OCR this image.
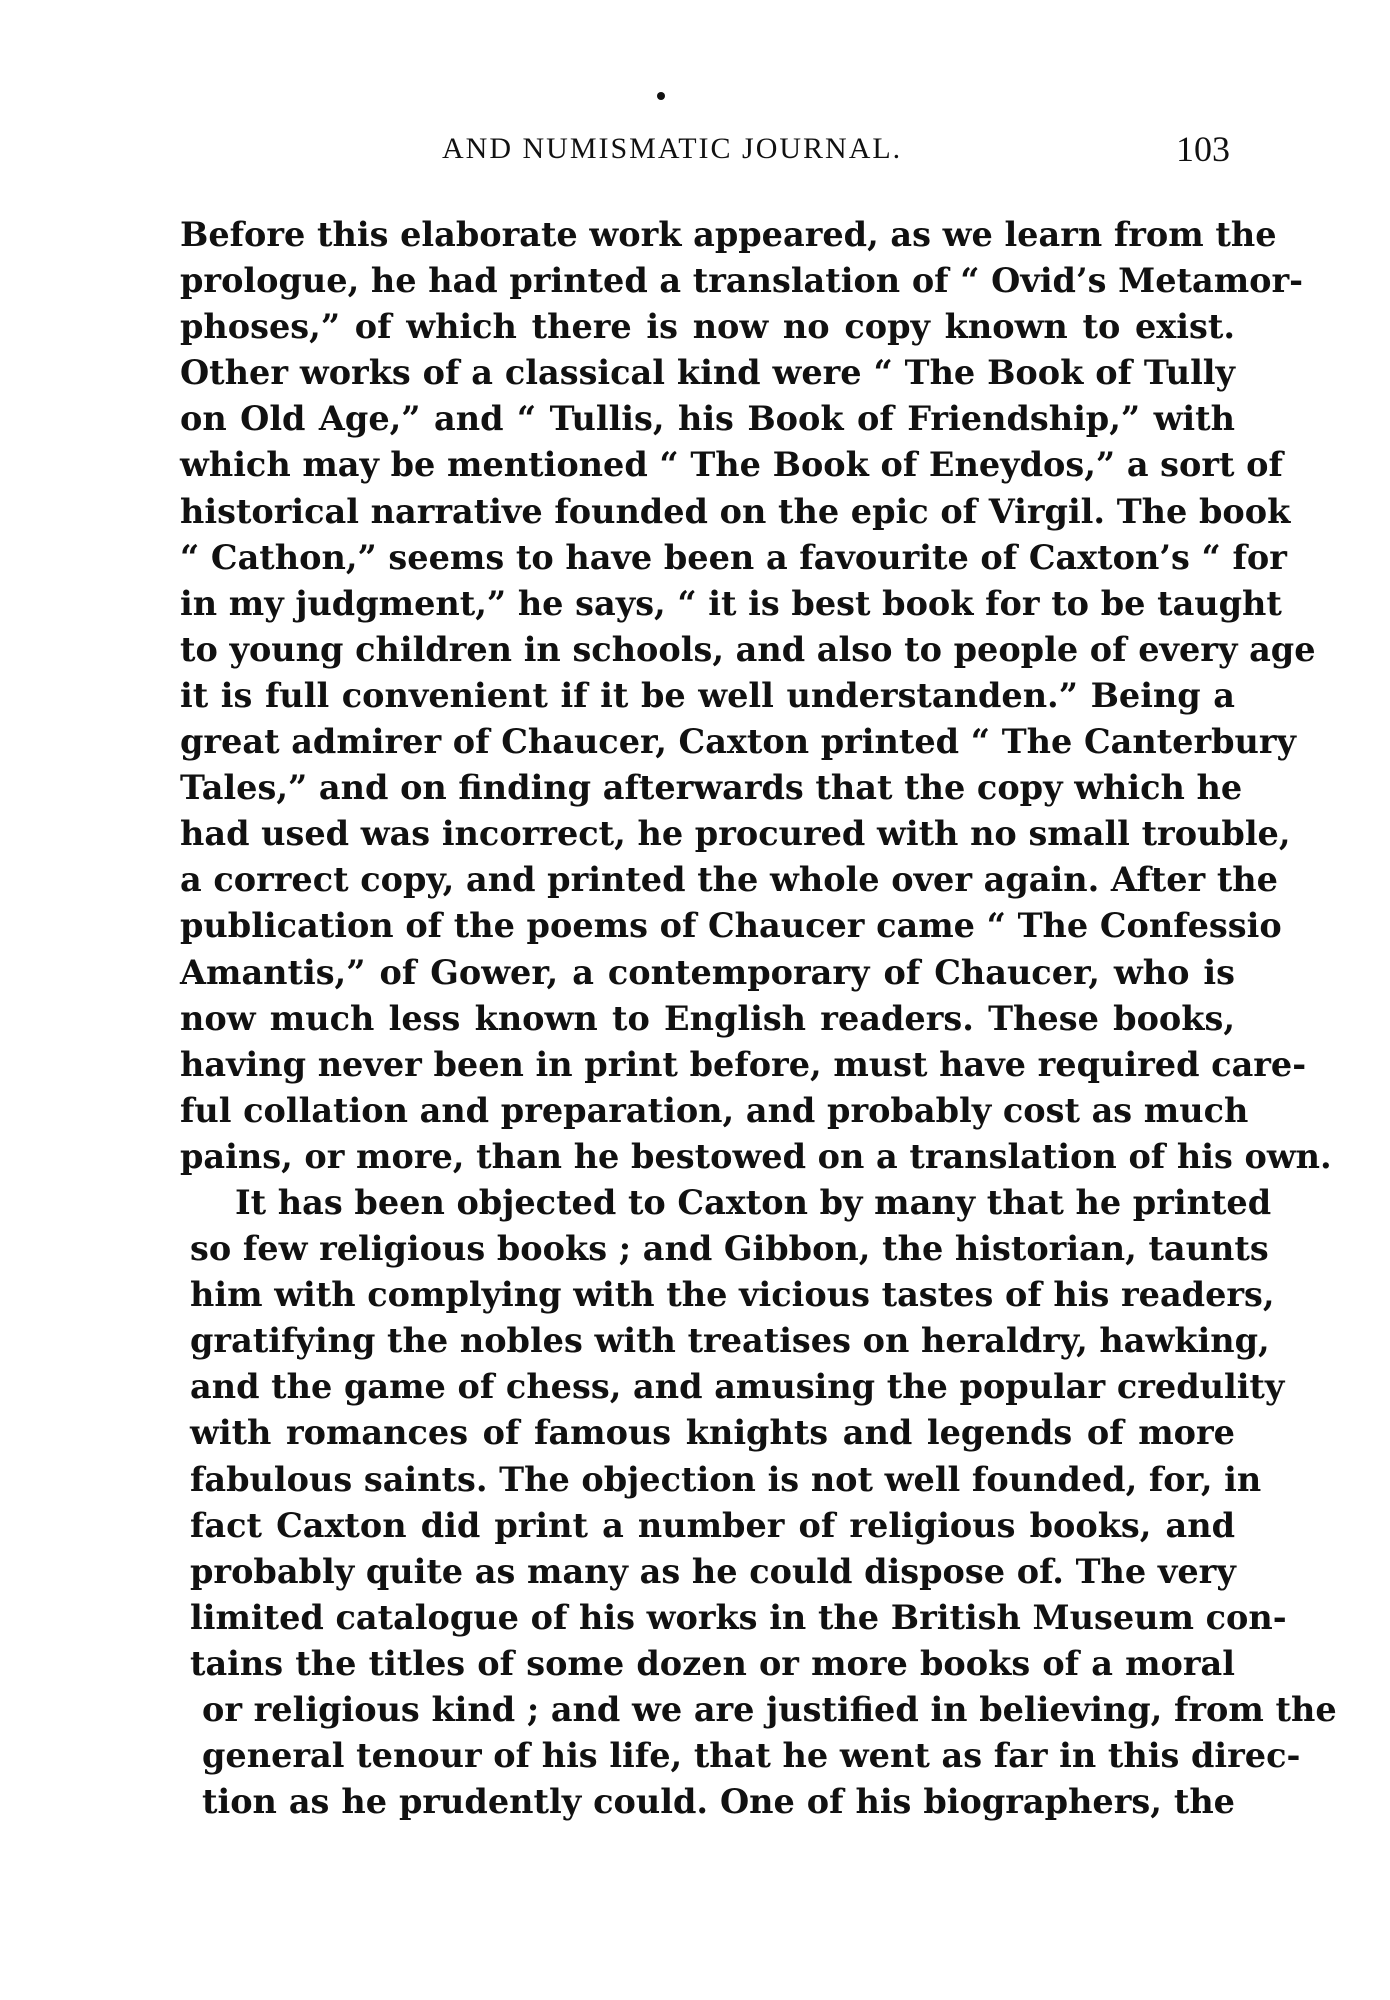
AND NUMISMATIC JOURNAL.	103
Before this elaborate work appeared, as we learn from the
prologue, he had printed a translation of “ Ovid’s Metamor-
phoses,” of which there is now no copy known to exist.
Other works of a classical kind were “ The Book of Tully
on Old Age,” and “ Tullis, his Book of Friendship,” with
which may be mentioned “ The Book of Eneydos,” a sort of
historical narrative founded on the epic of Virgil. The book
“ Cathon,” seems to have been a favourite of Caxton’s “ for
in my judgment,” he says, “ it is best book for to be taught
to young children in schools, and also to people of every age
it is full convenient if it be well understanden.” Being a
great admirer of Chaucer, Caxton printed “ The Canterbury
Tales,” and on finding afterwards that the copy which he
had used was incorrect, he procured with no small trouble,
a correct copy, and printed the whole over again. After the
publication of the poems of Chaucer came “ The Confessio
Amantis,” of Gower, a contemporary of Chaucer, who is
now much less known to English readers. These books,
having never been in print before, must have required care-
ful collation and preparation, and probably cost as much
pains, or more, than he bestowed on a translation of his own.
It has been objected to Caxton by many that he printed
so few religious books ; and Gibbon, the historian, taunts
him with complying with the vicious tastes of his readers,
gratifying the nobles with treatises on heraldry, hawking,
and the game of chess, and amusing the popular credulity
with romances of famous knights and legends of more
fabulous saints. The objection is not well founded, for, in
fact Caxton did print a number of religious books, and
probably quite as many as he could dispose of. The very
limited catalogue of his works in the British Museum con-
tains the titles of some dozen or more books of a moral
or religious kind ; and we are justified in believing, from the
general tenour of his life, that he went as far in this direc-
tion as he prudently could. One of his biographers, the
